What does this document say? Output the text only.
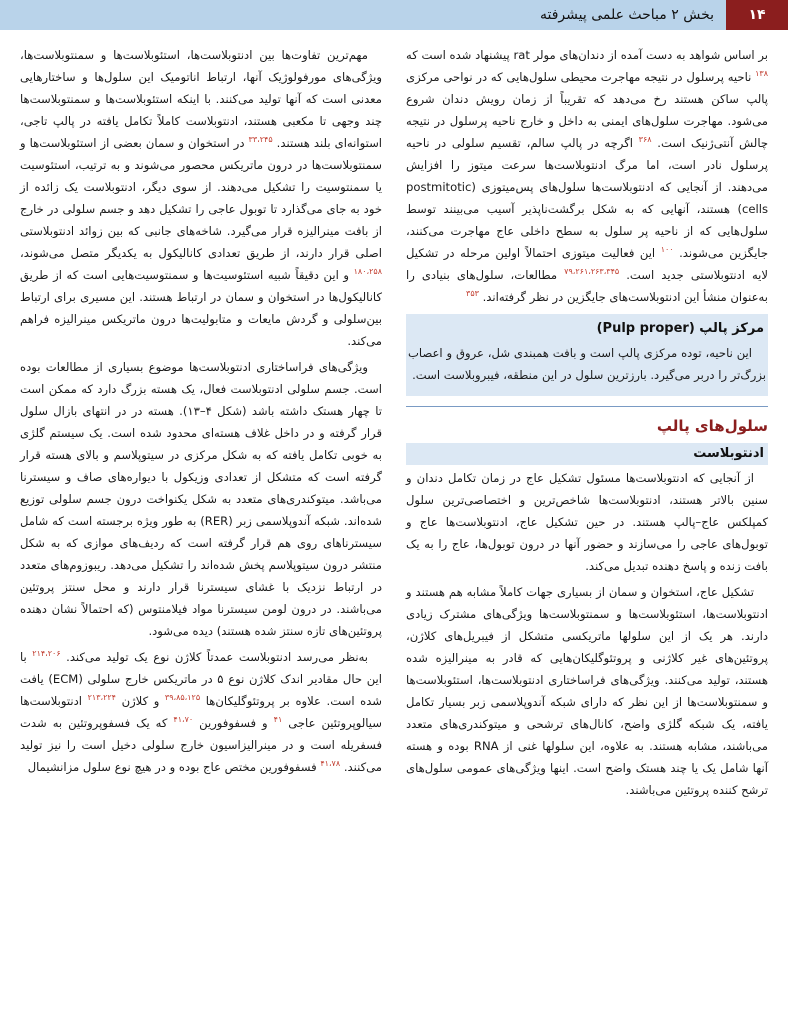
۱۴
بخش ۲ مباحث علمی پیشرفته

بر اساس شواهد به دست آمده از دندان‌های مولر rat پیشنهاد شده است که $^{۱۳۸}$ ناحیه پرسلول در نتیجه مهاجرت محیطی سلول‌هایی که در نواحی مرکزی پالپ ساکن هستند رخ می‌دهد که تقریباً از زمان رویش دندان شروع می‌شود. مهاجرت سلول‌های ایمنی به داخل و خارج ناحیه پرسلول در نتیجه چالش آنتی‌ژنیک است. $^{۳۶۸}$ اگرچه در پالپ سالم، تقسیم سلولی در ناحیه پرسلول نادر است، اما مرگ ادنتوبلاست‌ها سرعت میتوز را افزایش می‌دهند. از آنجایی که ادنتوبلاست‌ها سلول‌های پس‌میتوزی (postmitotic cells) هستند، آنهایی که به شکل برگشت‌ناپذیر آسیب می‌بینند توسط سلول‌هایی که از ناحیه پر سلول به سطح داخلی عاج مهاجرت می‌کنند، جایگزین می‌شوند. $^{۱۰۰}$ این فعالیت میتوزی احتمالاً اولین مرحله در تشکیل لایه ادنتوبلاستی جدید است. $^{۷۹،۲۶۱،۲۶۳،۳۴۵}$ مطالعات، سلول‌های بنیادی را به‌عنوان منشأ این ادنتوبلاست‌های جایگزین در نظر گرفته‌اند. $^{۳۵۳}$

مرکز پالپ (Pulp proper)

این ناحیه، توده مرکزی پالپ است و بافت همبندی شل، عروق و اعصاب بزرگ‌تر را دربر می‌گیرد. بارزترین سلول در این منطقه، فیبروبلاست است.

سلول‌های پالپ
ادنتوبلاست

از آنجایی که ادنتوبلاست‌ها مسئول تشکیل عاج در زمان تکامل دندان و سنین بالاتر هستند، ادنتوبلاست‌ها شاخص‌ترین و اختصاصی‌ترین سلول کمپلکس عاج–پالپ هستند. در حین تشکیل عاج، ادنتوبلاست‌ها عاج و توبول‌های عاجی را می‌سازند و حضور آنها در درون توبول‌ها، عاج را به یک بافت زنده و پاسخ دهنده تبدیل می‌کند.

تشکیل عاج، استخوان و سمان از بسیاری جهات کاملاً مشابه هم هستند و ادنتوبلاست‌ها، استئوبلاست‌ها و سمنتوبلاست‌ها ویژگی‌های مشترک زیادی دارند. هر یک از این سلولها ماتریکسی متشکل از فیبریل‌های کلاژن، پروتئین‌های غیر کلاژنی و پروتئوگلیکان‌هایی که قادر به مینرالیزه شده هستند، تولید می‌کنند. ویژگی‌های فراساختاری ادنتوبلاست‌ها، استئوبلاست‌ها و سمنتوبلاست‌ها از این نظر که دارای شبکه آندوپلاسمی زبر بسیار تکامل یافته، یک شبکه گلژی واضح، کانال‌های ترشحی و میتوکندری‌های متعدد می‌باشند، مشابه هستند. به علاوه، این سلولها غنی از RNA بوده و هسته آنها شامل یک یا چند هستک واضح است. اینها ویژگی‌های عمومی سلول‌های ترشح کننده پروتئین می‌باشند.

مهم‌ترین تفاوت‌ها بین ادنتوبلاست‌ها، استئوبلاست‌ها و سمنتوبلاست‌ها، ویژگی‌های مورفولوژیک آنها، ارتباط اناتومیک این سلول‌ها و ساختارهایی معدنی است که آنها تولید می‌کنند. با اینکه استئوبلاست‌ها و سمنتوبلاست‌ها چند وجهی تا مکعبی هستند، ادنتوبلاست کاملاً تکامل یافته در پالپ تاجی، استوانه‌ای بلند هستند. $^{۳۳،۲۴۵}$ در استخوان و سمان بعضی از استئوبلاست‌ها و سمنتوبلاست‌ها در درون ماتریکس محصور می‌شوند و به ترتیب، استئوسیت یا سمنتوسیت را تشکیل می‌دهند. از سوی دیگر، ادنتوبلاست یک زائده از خود به جای می‌گذارد تا توبول عاجی را تشکیل دهد و جسم سلولی در خارج از بافت مینرالیزه قرار می‌گیرد. شاخه‌های جانبی که بین زوائد ادنتوبلاستی اصلی قرار دارند، از طریق تعدادی کانالیکول به یکدیگر متصل می‌شوند، $^{۱۸۰،۲۵۸}$ و این دقیقاً شبیه استئوسیت‌ها و سمنتوسیت‌هایی است که از طریق کانالیکول‌ها در استخوان و سمان در ارتباط هستند. این مسیری برای ارتباط بین‌سلولی و گردش مایعات و متابولیت‌ها درون ماتریکس مینرالیزه فراهم می‌کند.

ویژگی‌های فراساختاری ادنتوبلاست‌ها موضوع بسیاری از مطالعات بوده است. جسم سلولی ادنتوبلاست فعال، یک هسته بزرگ دارد که ممکن است تا چهار هستک داشته باشد (شکل ۴–۱۳). هسته در در انتهای بازال سلول قرار گرفته و در داخل غلاف هسته‌ای محدود شده است. یک سیستم گلژی به خوبی تکامل یافته که به شکل مرکزی در سیتوپلاسم و بالای هسته قرار گرفته است که متشکل از تعدادی وزیکول با دیواره‌های صاف و سیسترنا می‌باشد. میتوکندری‌های متعدد به شکل یکنواخت درون جسم سلولی توزیع شده‌اند. شبکه آندوپلاسمی زبر (RER) به طور ویژه برجسته است که شامل سیسترناهای روی هم قرار گرفته است که ردیف‌های موازی که به شکل منتشر درون سیتوپلاسم پخش شده‌اند را تشکیل می‌دهد. ریبوزوم‌های متعدد در ارتباط نزدیک با غشای سیسترنا قرار دارند و محل سنتز پروتئین می‌باشند. در درون لومن سیسترنا مواد فیلامنتوس (که احتمالاً نشان دهنده پروتئین‌های تازه سنتز شده هستند) دیده می‌شود.

به‌نظر می‌رسد ادنتوبلاست عمدتاً کلاژن نوع یک تولید می‌کند. $^{۲۱۴،۲۰۶}$ با این حال مقادیر اندک کلاژن نوع ۵ در ماتریکس خارج سلولی (ECM) یافت شده است. علاوه بر پروتئوگلیکان‌ها $^{۳۹،۸۵،۱۲۵}$ و کلاژن $^{۲۱۳،۲۲۴}$ ادنتوبلاست‌ها سیالوپروتئین عاجی $^{۴۱}$ و فسفوفورین $^{۴۱،۷۰}$ که یک فسفوپروتئین به شدت فسفریله است و در مینرالیزاسیون خارج سلولی دخیل است را نیز تولید می‌کنند. $^{۴۱،۷۸}$ فسفوفورین مختص عاج بوده و در هیچ نوع سلول مزانشیمال
